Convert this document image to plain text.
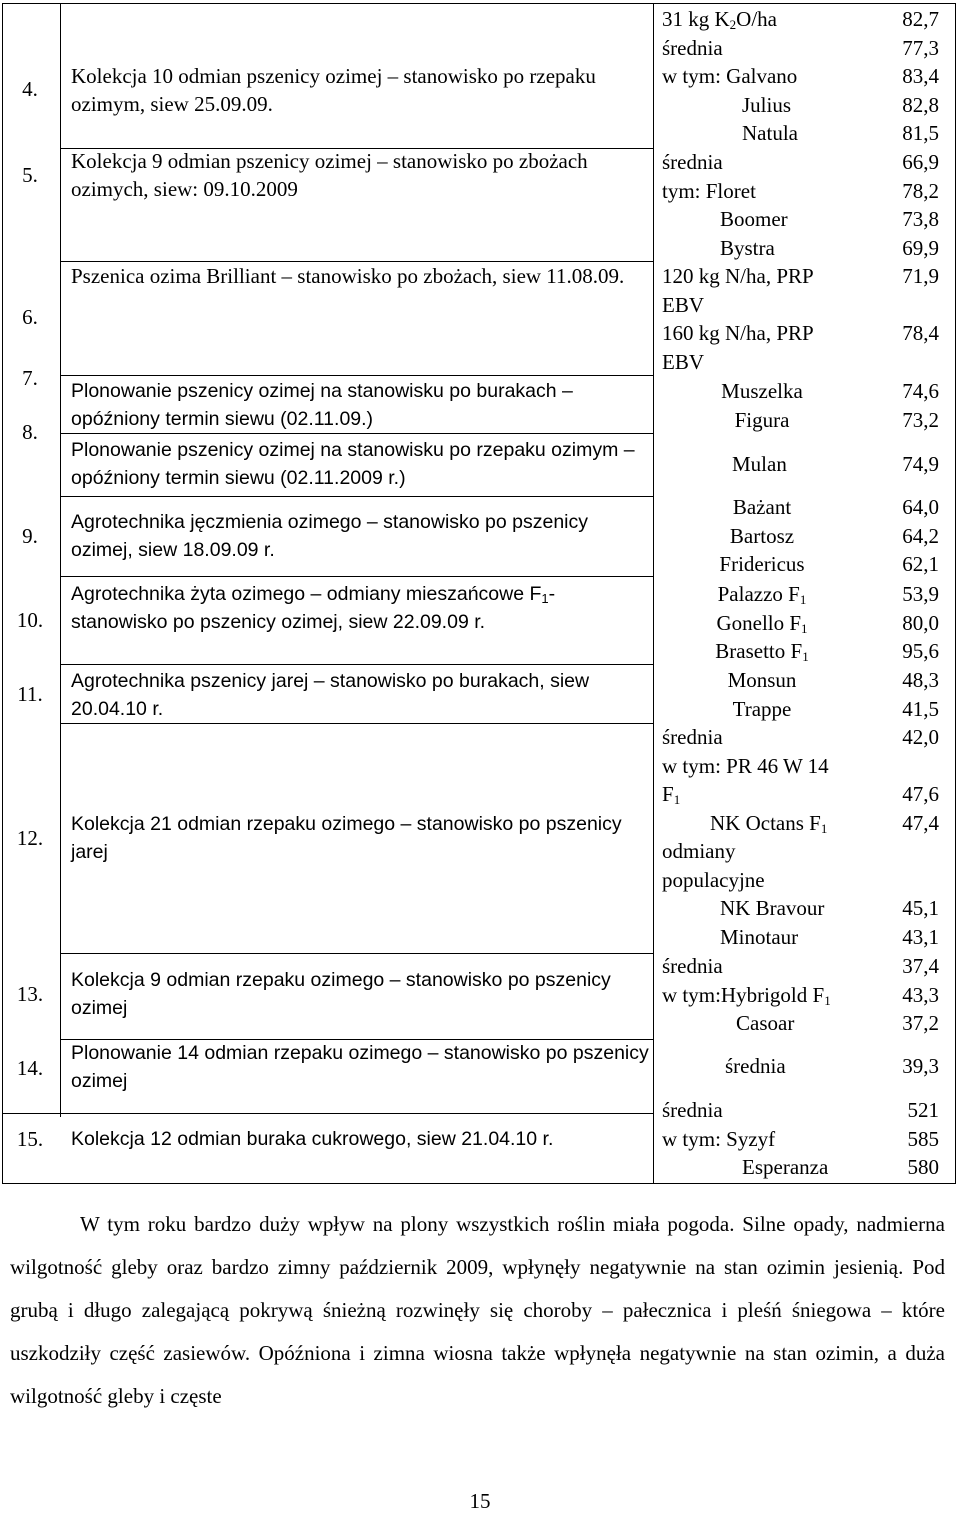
4.
5.
6.
7.
8.
9.
10.
11.
12.
13.
14.
15.
Kolekcja 10 odmian pszenicy ozimej – stanowisko po rzepaku ozimym, siew 25.09.09.
Kolekcja 9 odmian pszenicy ozimej – stanowisko po zbożach ozimych, siew: 09.10.2009
Pszenica ozima Brilliant – stanowisko po zbożach, siew 11.08.09.
Plonowanie pszenicy ozimej na stanowisku po burakach – opóźniony termin siewu (02.11.09.)
Plonowanie pszenicy ozimej na stanowisku po rzepaku ozimym – opóźniony termin siewu (02.11.2009 r.)
Agrotechnika jęczmienia ozimego – stanowisko po pszenicy ozimej, siew 18.09.09 r.
Agrotechnika żyta ozimego – odmiany mieszańcowe $F_1-$ stanowisko po pszenicy ozimej, siew 22.09.09 r.
Agrotechnika pszenicy jarej – stanowisko po burakach, siew 20.04.10 r.
Kolekcja 21 odmian rzepaku ozimego – stanowisko po pszenicy jarej
Kolekcja 9 odmian rzepaku ozimego – stanowisko po pszenicy ozimej
Plonowanie 14 odmian rzepaku ozimego – stanowisko po pszenicy ozimej
Kolekcja 12 odmian buraka cukrowego, siew 21.04.10 r.
31 kg $K_2O/ha$
średnia
w tym: Galvano
Julius
Natula
82,7
77,3
83,4
82,8
81,5
średnia
tym: Floret
Boomer
Bystra
66,9
78,2
73,8
69,9
120 kg N/ha, PRP
EBV
160 kg N/ha, PRP
EBV
71,9
78,4
Muszelka
Figura
74,6
73,2
Mulan	74,9
Bażant
Bartosz
Fridericus
64,0
64,2
62,1
Palazzo $F_1$
Gonello $F_1$
Brasetto $F_1$
53,9
80,0
95,6
Monsun
Trappe
48,3
41,5
średnia
w tym: PR 46 W 14
$F_1$
NK Octans $F_1$
odmiany
populacyjne
NK Bravour
Minotaur
42,0
47,6
47,4
45,1
43,1
średnia
w tym:Hybrigold $F_1$
Casoar
37,4
43,3
37,2
średnia	39,3
średnia
w tym: Syzyf
Esperanza
521
585
580

W tym roku bardzo duży wpływ na plony wszystkich roślin miała pogoda. Silne opady, nadmierna wilgotność gleby oraz bardzo zimny październik 2009, wpłynęły negatywnie na stan ozimin jesienią. Pod grubą i długo zalegającą pokrywą śnieżną rozwinęły się choroby – pałecznica i pleśń śniegowa – które uszkodziły część zasiewów. Opóźniona i zimna wiosna także wpłynęła negatywnie na stan ozimin, a duża wilgotność gleby i częste

15
